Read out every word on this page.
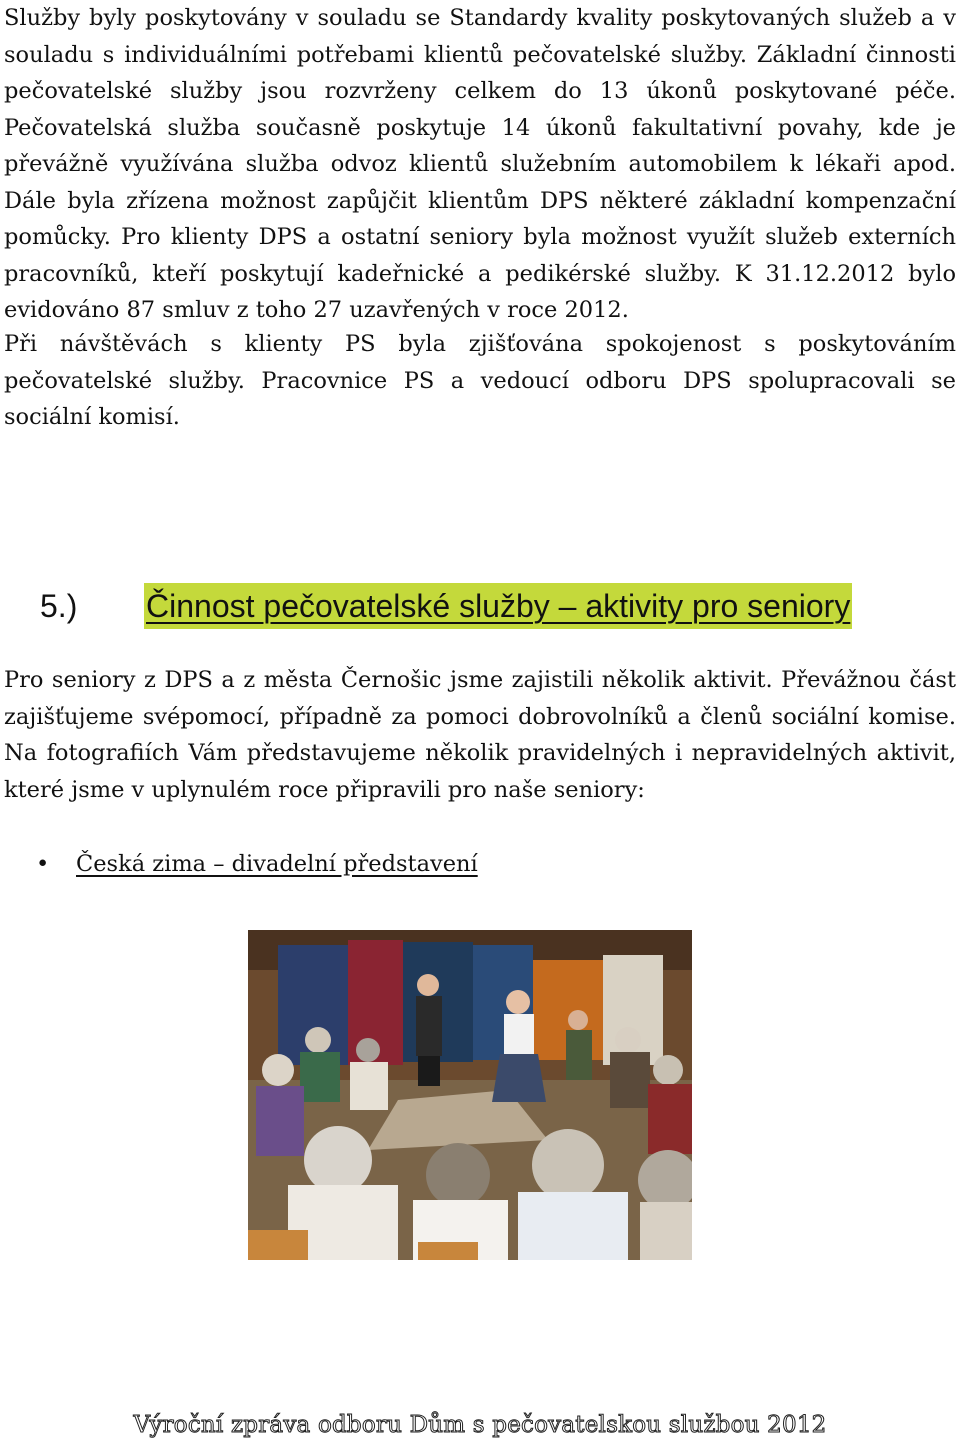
Služby byly poskytovány v souladu se Standardy kvality poskytovaných služeb a v souladu s individuálními potřebami klientů pečovatelské služby. Základní činnosti pečovatelské služby jsou rozvrženy celkem do 13 úkonů poskytované péče. Pečovatelská služba současně poskytuje 14 úkonů fakultativní povahy, kde je převážně využívána služba odvoz klientů služebním automobilem k lékaři apod. Dále byla zřízena možnost zapůjčit klientům DPS některé základní kompenzační pomůcky. Pro klienty DPS a ostatní seniory byla možnost využít služeb externích pracovníků, kteří poskytují kadeřnické a pedikérské služby. K 31.12.2012 bylo evidováno 87 smluv z toho 27 uzavřených v roce 2012.

Při návštěvách s klienty PS byla zjišťována spokojenost s poskytováním pečovatelské služby. Pracovnice PS a vedoucí odboru DPS spolupracovali se sociální komisí.

5.) Činnost pečovatelské služby – aktivity pro seniory

Pro seniory z DPS a z města Černošic jsme zajistili několik aktivit. Převážnou část zajišťujeme svépomocí, případně za pomoci dobrovolníků a členů sociální komise. Na fotografiích Vám představujeme několik pravidelných i nepravidelných aktivit, které jsme v uplynulém roce připravili pro naše seniory:

• Česká zima – divadelní představení
Výroční zpráva odboru Dům s pečovatelskou službou 2012
